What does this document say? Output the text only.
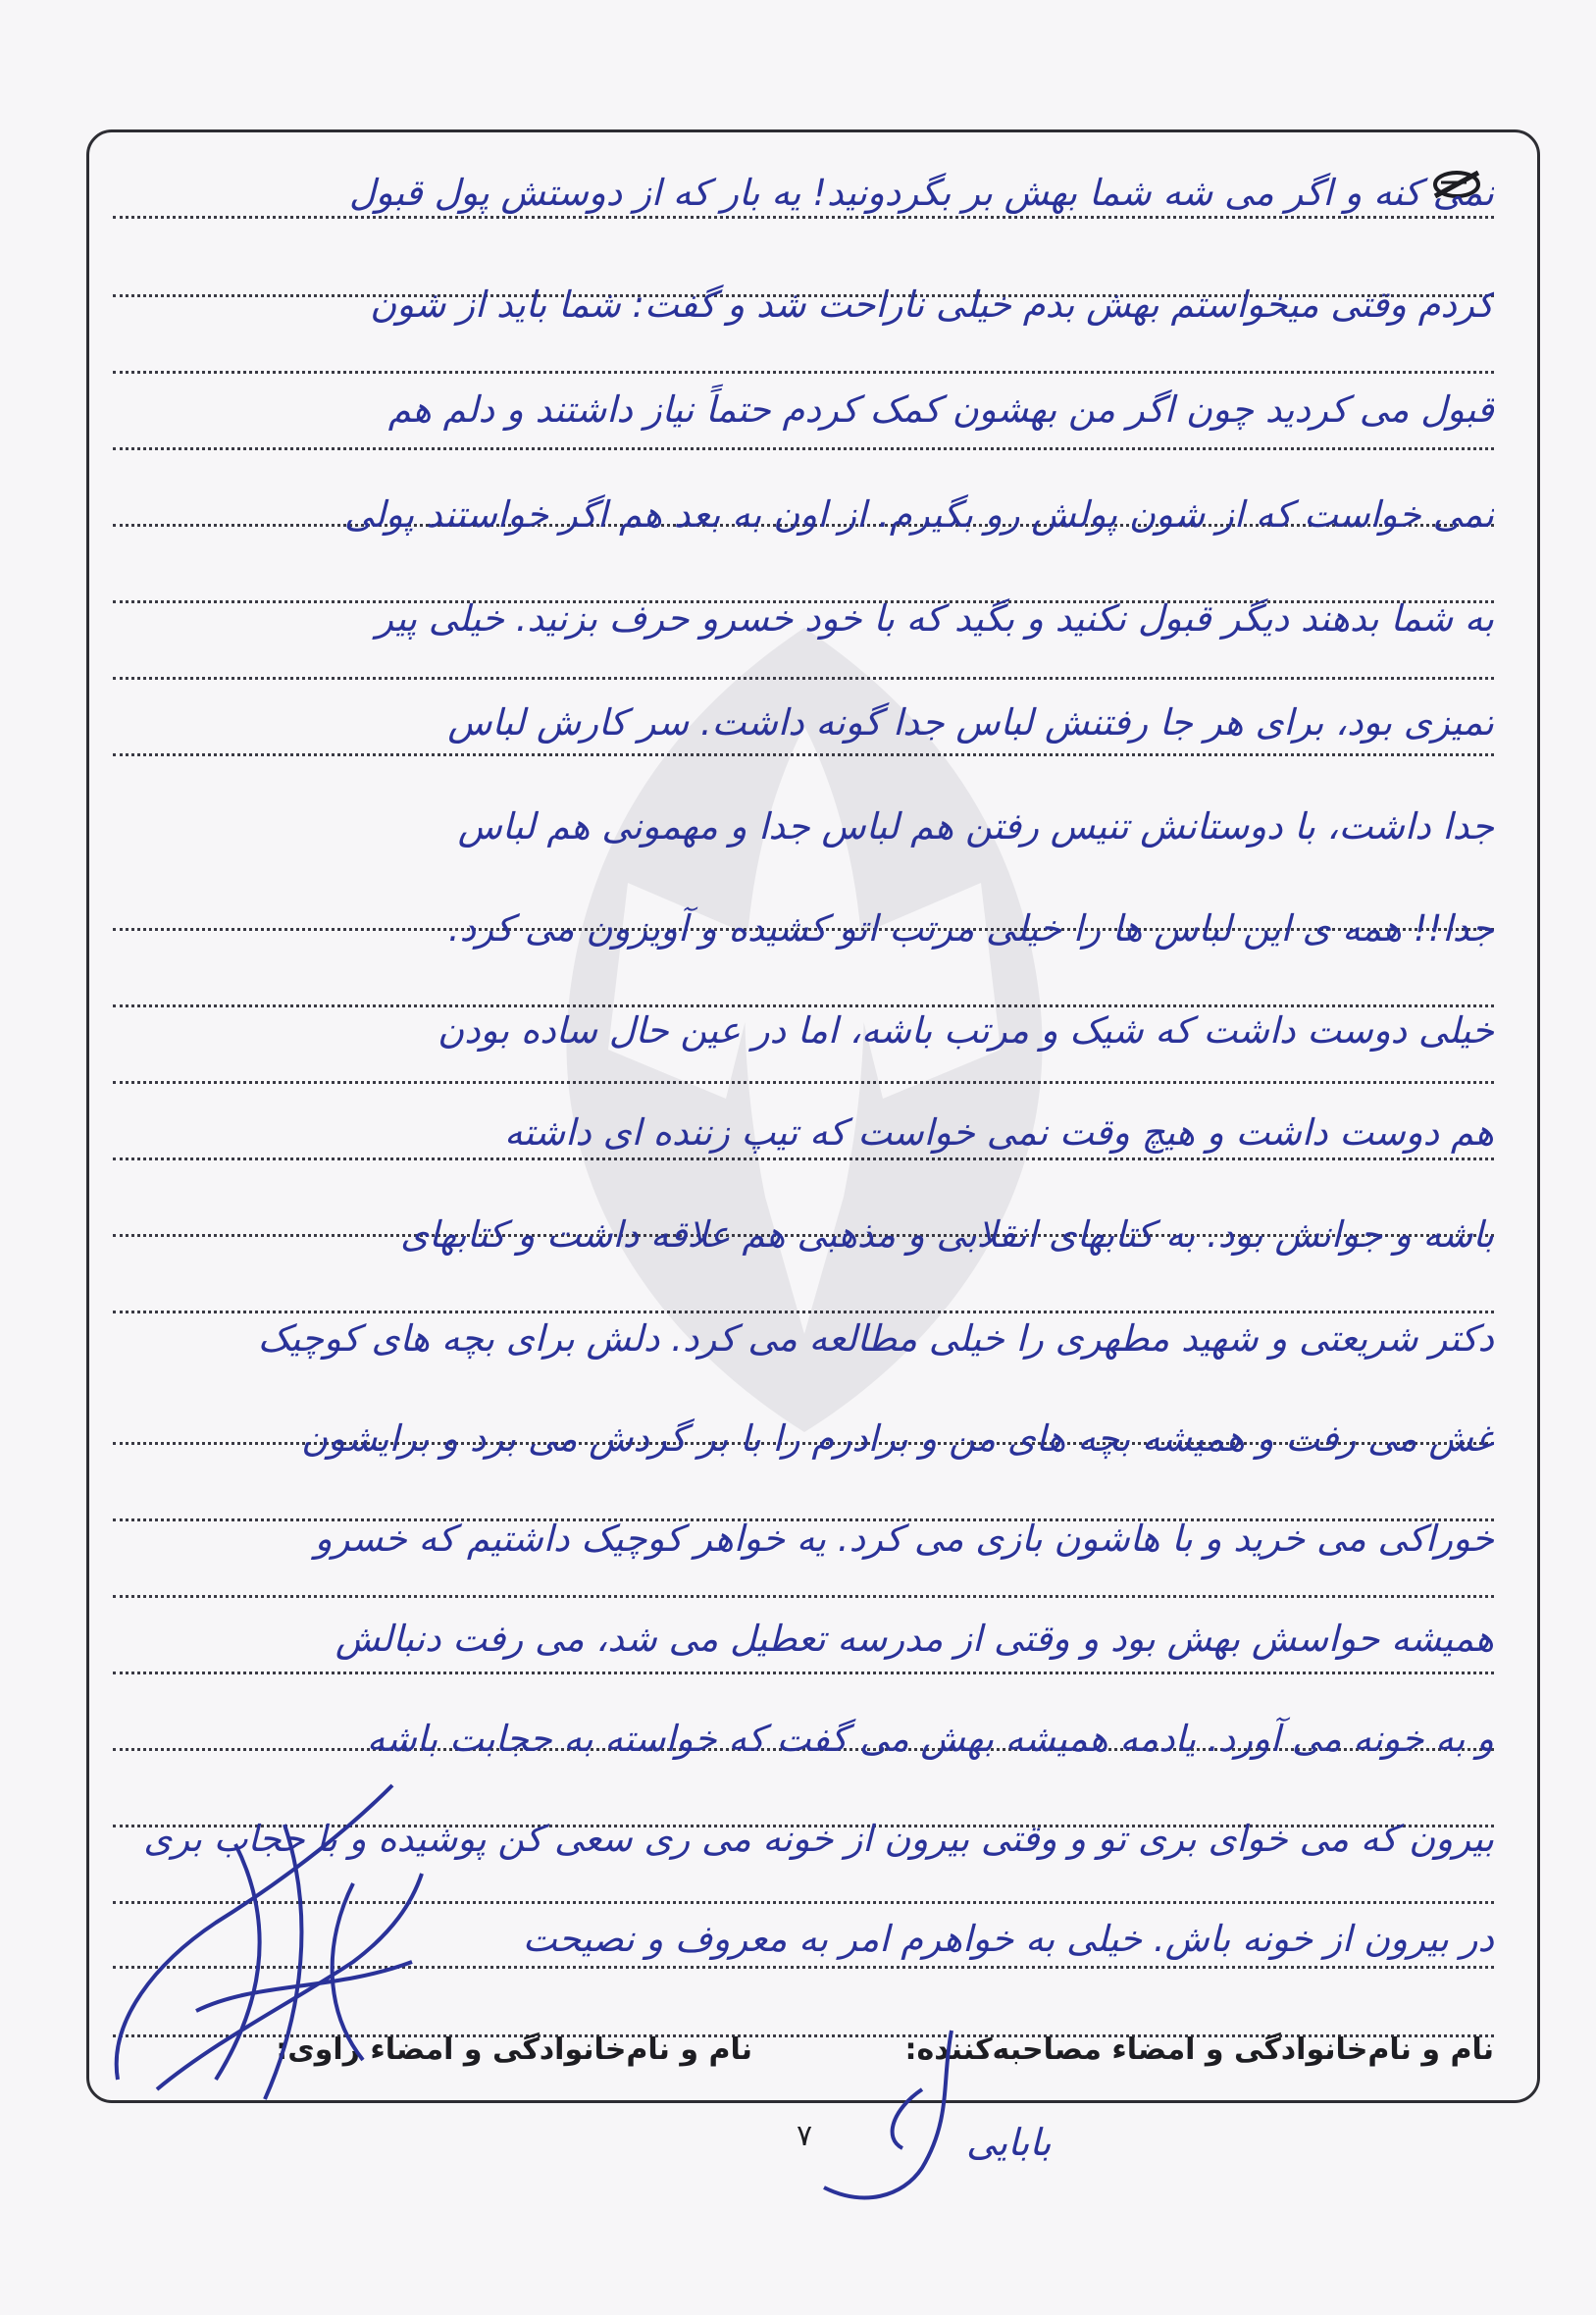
نمی کنه و اگر می شه شما بهش بر بگردونید! یه بار که از دوستش پول قبول
کردم وقتی میخواستم بهش بدم خیلی ناراحت شد و گفت: شما باید از شون
قبول می کردید چون اگر من بهشون کمک کردم حتماً نیاز داشتند و دلم هم
نمی خواست که از شون پولش رو بگیرم. از اون به بعد هم اگر خواستند پولی
به شما بدهند دیگر قبول نکنید و بگید که با خود خسرو حرف بزنید. خیلی پیر
تمیزی بود، برای هر جا رفتنش لباس جدا گونه داشت. سر کارش لباس
جدا داشت، با دوستانش تنیس رفتن هم لباس جدا و مهمونی هم لباس
جدا!! همه ی این لباس ها را خیلی مرتب اتو کشیده و آویزون می کرد.
خیلی دوست داشت که شیک و مرتب باشه، اما در عین حال ساده بودن
هم دوست داشت و هیچ وقت نمی خواست که تیپ زننده ای داشته
باشه و جوانش بود. به کتابهای انقلابی و مذهبی هم علاقه داشت و کتابهای
دکتر شریعتی و شهید مطهری را خیلی مطالعه می کرد. دلش برای بچه های کوچیک
غش می رفت و همیشه بچه های من و برادرم را با بر گردش می برد و برایشون
خوراکی می خرید و با هاشون بازی می کرد. یه خواهر کوچیک داشتیم که خسرو
همیشه حواسش بهش بود و وقتی از مدرسه تعطیل می شد، می رفت دنبالش
و به خونه می آورد. یادمه همیشه بهش می گفت که خواسته به حجابت باشه
بیرون که می خوای بری تو و وقتی بیرون از خونه می ری سعی کن پوشیده و با حجاب بری
در بیرون از خونه باش. خیلی به خواهرم امر به معروف و نصیحت
نام و نام‌خانوادگی و امضاء مصاحبه‌کننده:
نام و نام‌خانوادگی و امضاء راوی:
بابایی
۷
